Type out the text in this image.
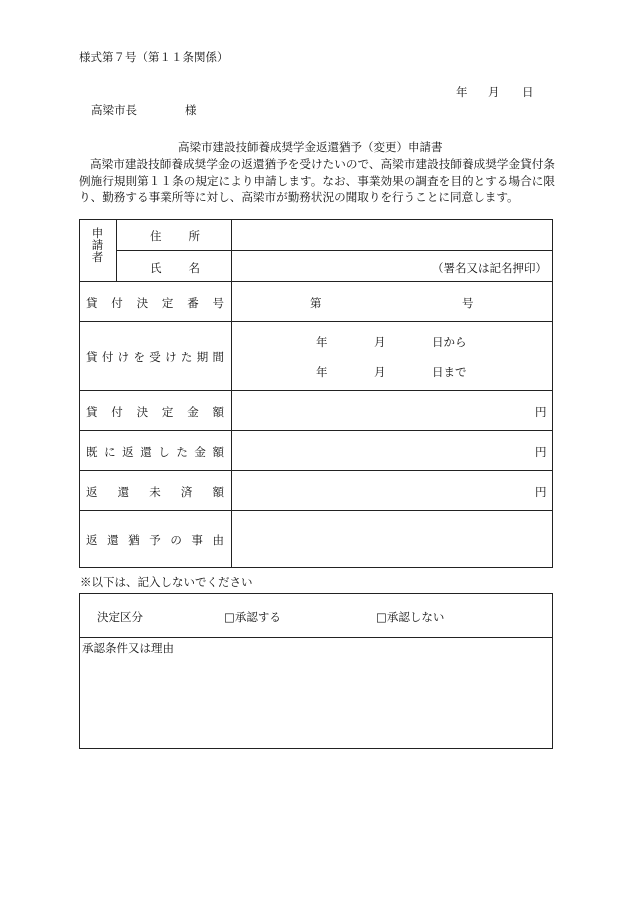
様式第７号（第１１条関係）
年 月 日
高梁市長	様
高梁市建設技師養成奨学金返還猶予（変更）申請書
高梁市建設技師養成奨学金の返還猶予を受けたいので、高梁市建設技師養成奨学金貸付条例施行規則第１１条の規定により申請します。なお、事業効果の調査を目的とする場合に限り、勤務する事業所等に対し、高梁市が勤務状況の聞取りを行うことに同意します。
申
請
者
住 所
氏 名	（署名又は記名押印）
貸 付 決 定 番 号	第	号
貸 付 け を 受 け た 期 間
年	月	日から
年	月	日まで
貸 付 決 定 金 額	円
既 に 返 還 し た 金 額	円
返 還 未 済 額	円
返 還 猶 予 の 事 由
※以下は、記入しないでください
決定区分	□承認する	□承認しない
承認条件又は理由
